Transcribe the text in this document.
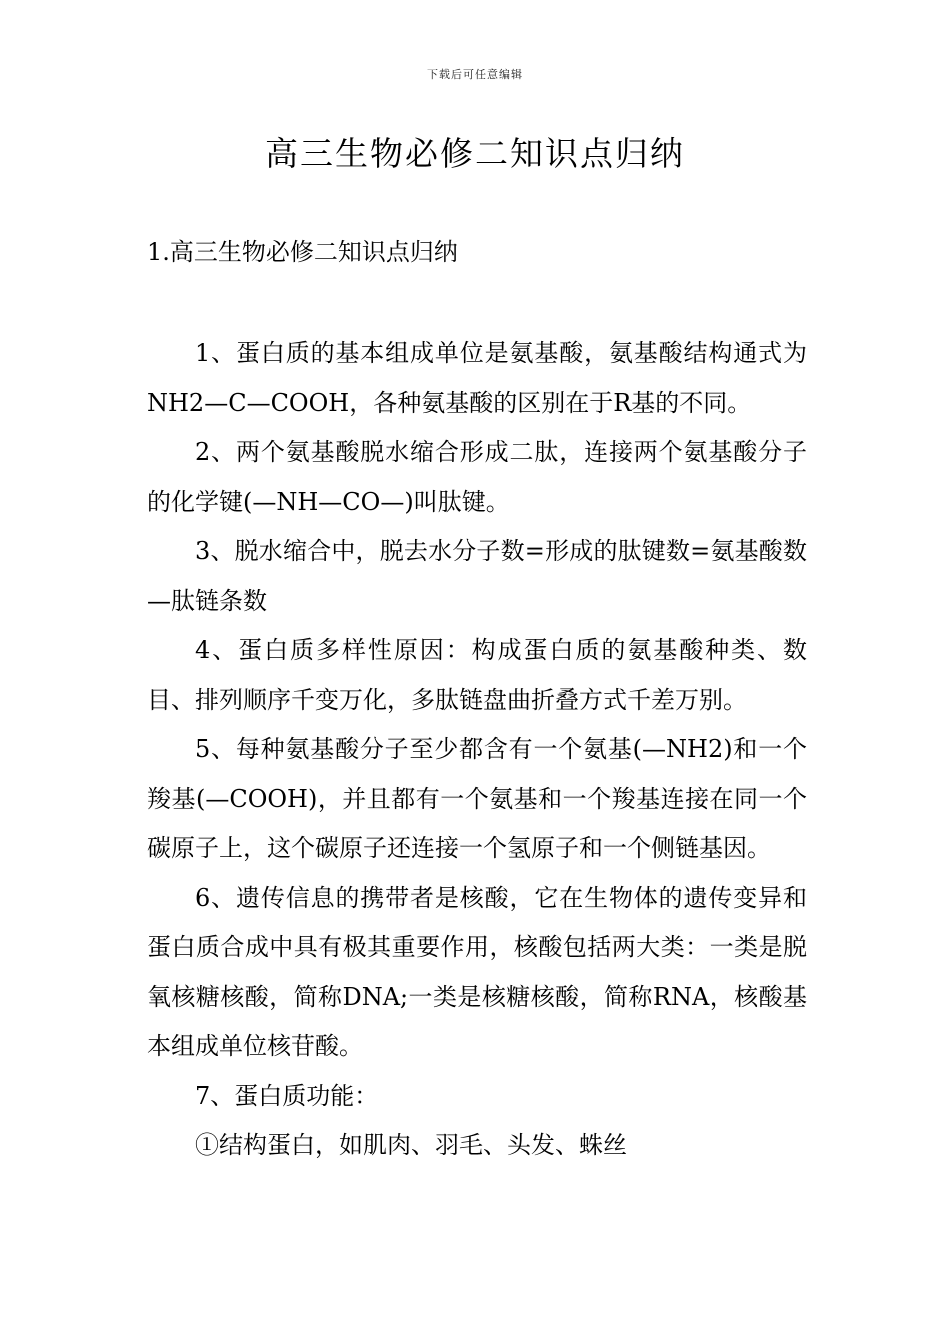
下载后可任意编辑
高三生物必修二知识点归纳
1.高三生物必修二知识点归纳

1、蛋白质的基本组成单位是氨基酸，氨基酸结构通式为NH2—C—COOH，各种氨基酸的区别在于R基的不同。

2、两个氨基酸脱水缩合形成二肽，连接两个氨基酸分子的化学键(—NH—CO—)叫肽键。

3、脱水缩合中，脱去水分子数=形成的肽键数=氨基酸数—肽链条数

4、蛋白质多样性原因：构成蛋白质的氨基酸种类、数目、排列顺序千变万化，多肽链盘曲折叠方式千差万别。

5、每种氨基酸分子至少都含有一个氨基(—NH2)和一个羧基(—COOH)，并且都有一个氨基和一个羧基连接在同一个碳原子上，这个碳原子还连接一个氢原子和一个侧链基因。

6、遗传信息的携带者是核酸，它在生物体的遗传变异和蛋白质合成中具有极其重要作用，核酸包括两大类：一类是脱氧核糖核酸，简称DNA;一类是核糖核酸，简称RNA，核酸基本组成单位核苷酸。

7、蛋白质功能：

①结构蛋白，如肌肉、羽毛、头发、蛛丝
